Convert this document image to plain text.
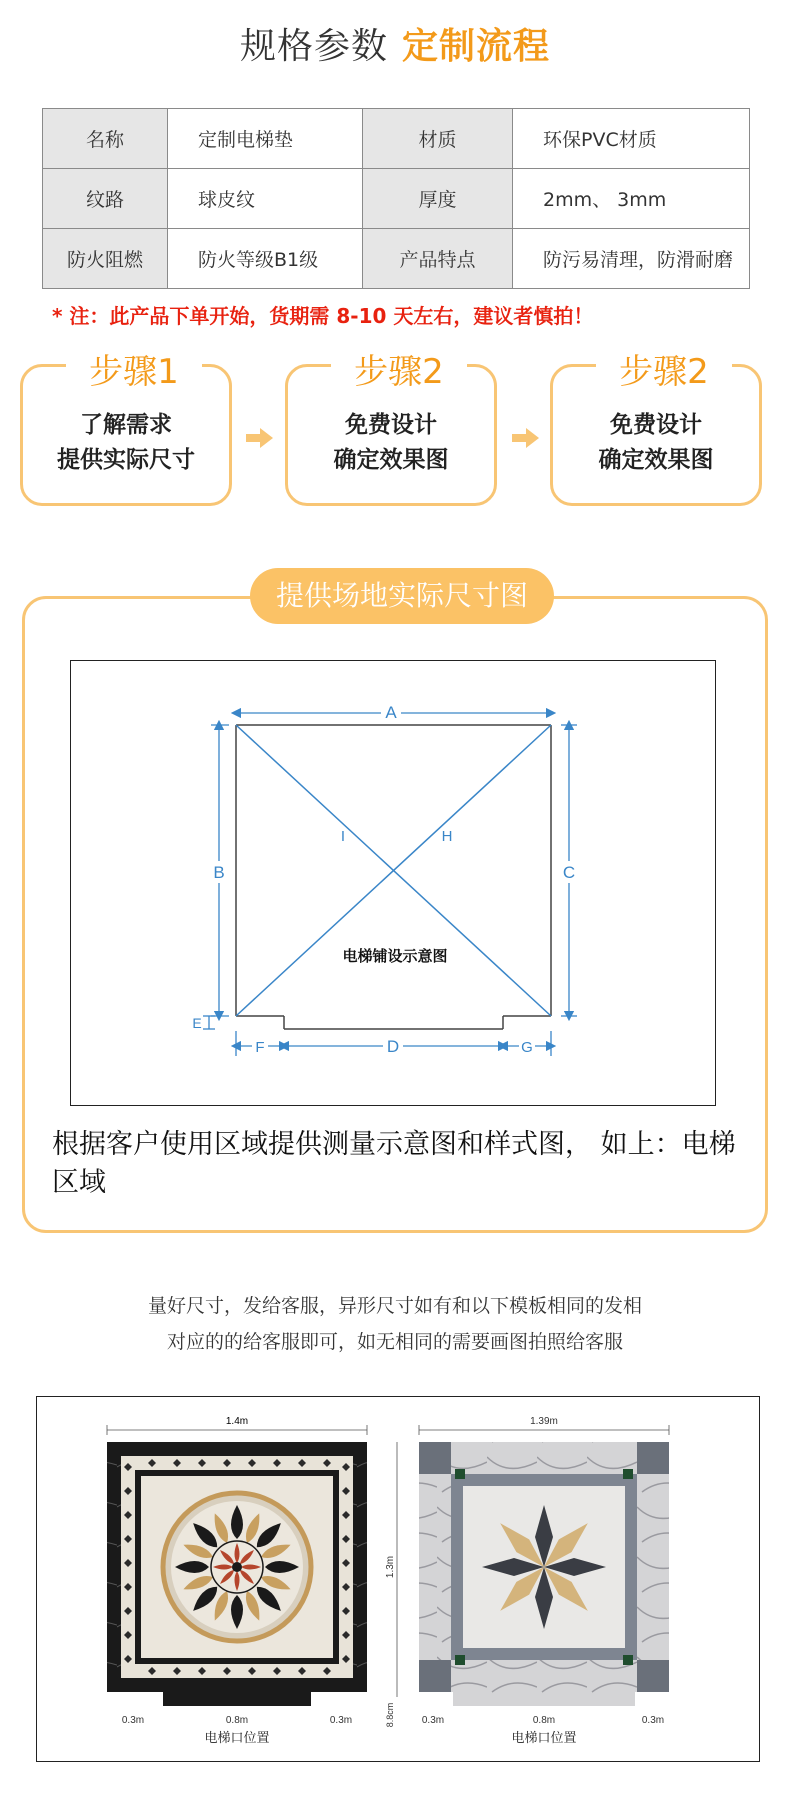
规格参数 定制流程
名称	定制电梯垫	材质	环保PVC材质
纹路	球皮纹	厚度	2mm、 3mm
防火阻燃	防火等级B1级	产品特点	防污易清理，防滑耐磨
* 注：此产品下单开始，货期需 8-10 天左右，建议者慎拍！
步骤1
了解需求
提供实际尺寸
步骤2
免费设计
确定效果图
步骤2
免费设计
确定效果图
提供场地实际尺寸图
A
B	C
D
E
F	G
H
I
电梯铺设示意图
根据客户使用区域提供测量示意图和样式图， 如上：电梯区域
量好尺寸，发给客服，异形尺寸如有和以下模板相同的发相
对应的的给客服即可，如无相同的需要画图拍照给客服
1.4m
0.3m	0.8m	0.3m
电梯口位置
1.39m
1.3m
8.8cm	0.3m	0.8m	0.3m
电梯口位置
